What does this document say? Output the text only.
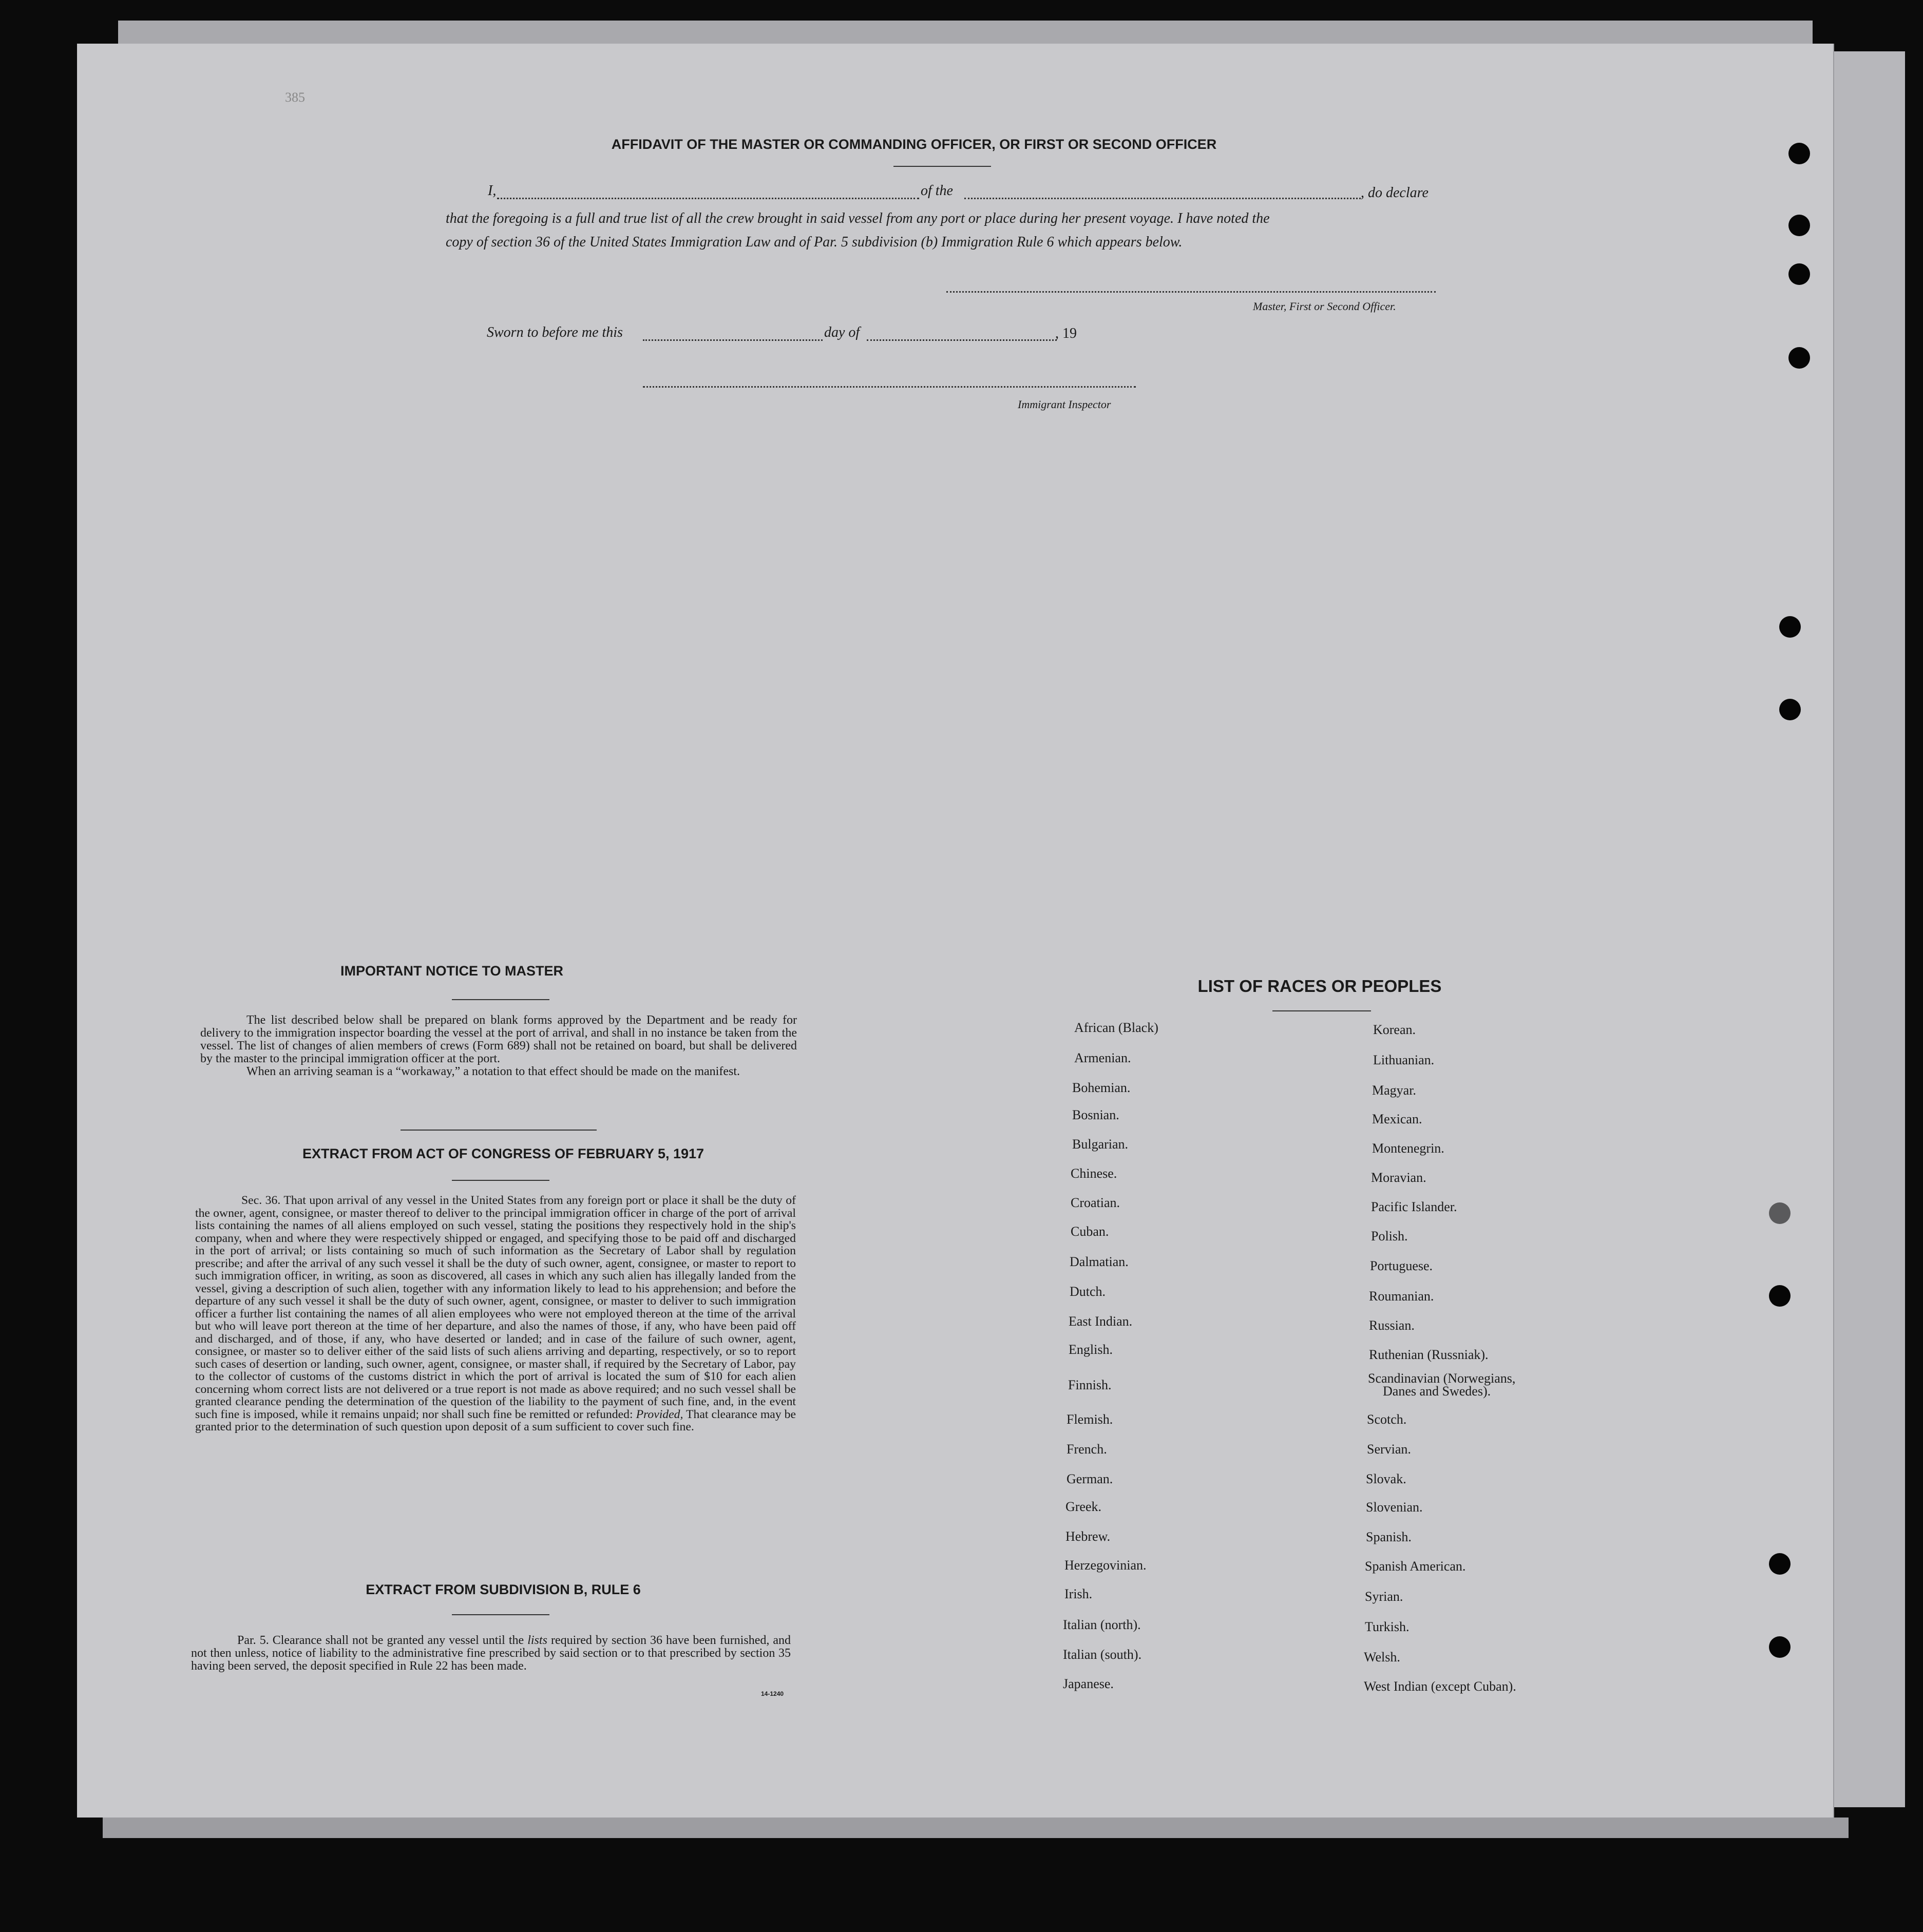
385
AFFIDAVIT OF THE MASTER OR COMMANDING OFFICER, OR FIRST OR SECOND OFFICER
I,	of the	, do declare
that the foregoing is a full and true list of all the crew brought in said vessel from any port or place during her present voyage. I have noted the
copy of section 36 of the United States Immigration Law and of Par. 5 subdivision (b) Immigration Rule 6 which appears below.
Master, First or Second Officer.
Sworn to before me this	day of	, 19
Immigrant Inspector
IMPORTANT NOTICE TO MASTER

The list described below shall be prepared on blank forms approved by the Department and be ready for delivery to the immigration inspector boarding the vessel at the port of arrival, and shall in no instance be taken from the vessel. The list of changes of alien members of crews (Form 689) shall not be retained on board, but shall be delivered by the master to the principal immigration officer at the port.

When an arriving seaman is a “workaway,” a notation to that effect should be made on the manifest.

EXTRACT FROM ACT OF CONGRESS OF FEBRUARY 5, 1917

Sec. 36. That upon arrival of any vessel in the United States from any foreign port or place it shall be the duty of the owner, agent, consignee, or master thereof to deliver to the principal immigration officer in charge of the port of arrival lists containing the names of all aliens employed on such vessel, stating the positions they respectively hold in the ship's company, when and where they were respectively shipped or engaged, and specifying those to be paid off and discharged in the port of arrival; or lists containing so much of such information as the Secretary of Labor shall by regulation prescribe; and after the arrival of any such vessel it shall be the duty of such owner, agent, consignee, or master to report to such immigration officer, in writing, as soon as discovered, all cases in which any such alien has illegally landed from the vessel, giving a description of such alien, together with any information likely to lead to his apprehension; and before the departure of any such vessel it shall be the duty of such owner, agent, consignee, or master to deliver to such immigration officer a further list containing the names of all alien employees who were not employed thereon at the time of the arrival but who will leave port thereon at the time of her departure, and also the names of those, if any, who have been paid off and discharged, and of those, if any, who have deserted or landed; and in case of the failure of such owner, agent, consignee, or master so to deliver either of the said lists of such aliens arriving and departing, respectively, or so to report such cases of desertion or landing, such owner, agent, consignee, or master shall, if required by the Secretary of Labor, pay to the collector of customs of the customs district in which the port of arrival is located the sum of $10 for each alien concerning whom correct lists are not delivered or a true report is not made as above required; and no such vessel shall be granted clearance pending the determination of the question of the liability to the payment of such fine, and, in the event such fine is imposed, while it remains unpaid; nor shall such fine be remitted or refunded: Provided, That clearance may be granted prior to the determination of such question upon deposit of a sum sufficient to cover such fine.

EXTRACT FROM SUBDIVISION B, RULE 6

Par. 5. Clearance shall not be granted any vessel until the lists required by section 36 have been furnished, and not then unless, notice of liability to the administrative fine prescribed by said section or to that prescribed by section 35 having been served, the deposit specified in Rule 22 has been made.

14-1240
LIST OF RACES OR PEOPLES
African (Black)
Armenian.
Bohemian.
Bosnian.
Bulgarian.
Chinese.
Croatian.
Cuban.
Dalmatian.
Dutch.
East Indian.
English.
Finnish.
Flemish.
French.
German.
Greek.
Hebrew.
Herzegovinian.
Irish.
Italian (north).
Italian (south).
Japanese.
Korean.
Lithuanian.
Magyar.
Mexican.
Montenegrin.
Moravian.
Pacific Islander.
Polish.
Portuguese.
Roumanian.
Russian.
Ruthenian (Russniak).
Scandinavian (Norwegians,
Scotch.
Servian.
Slovak.
Slovenian.
Spanish.
Spanish American.
Syrian.
Turkish.
Welsh.
West Indian (except Cuban).
Danes and Swedes).
